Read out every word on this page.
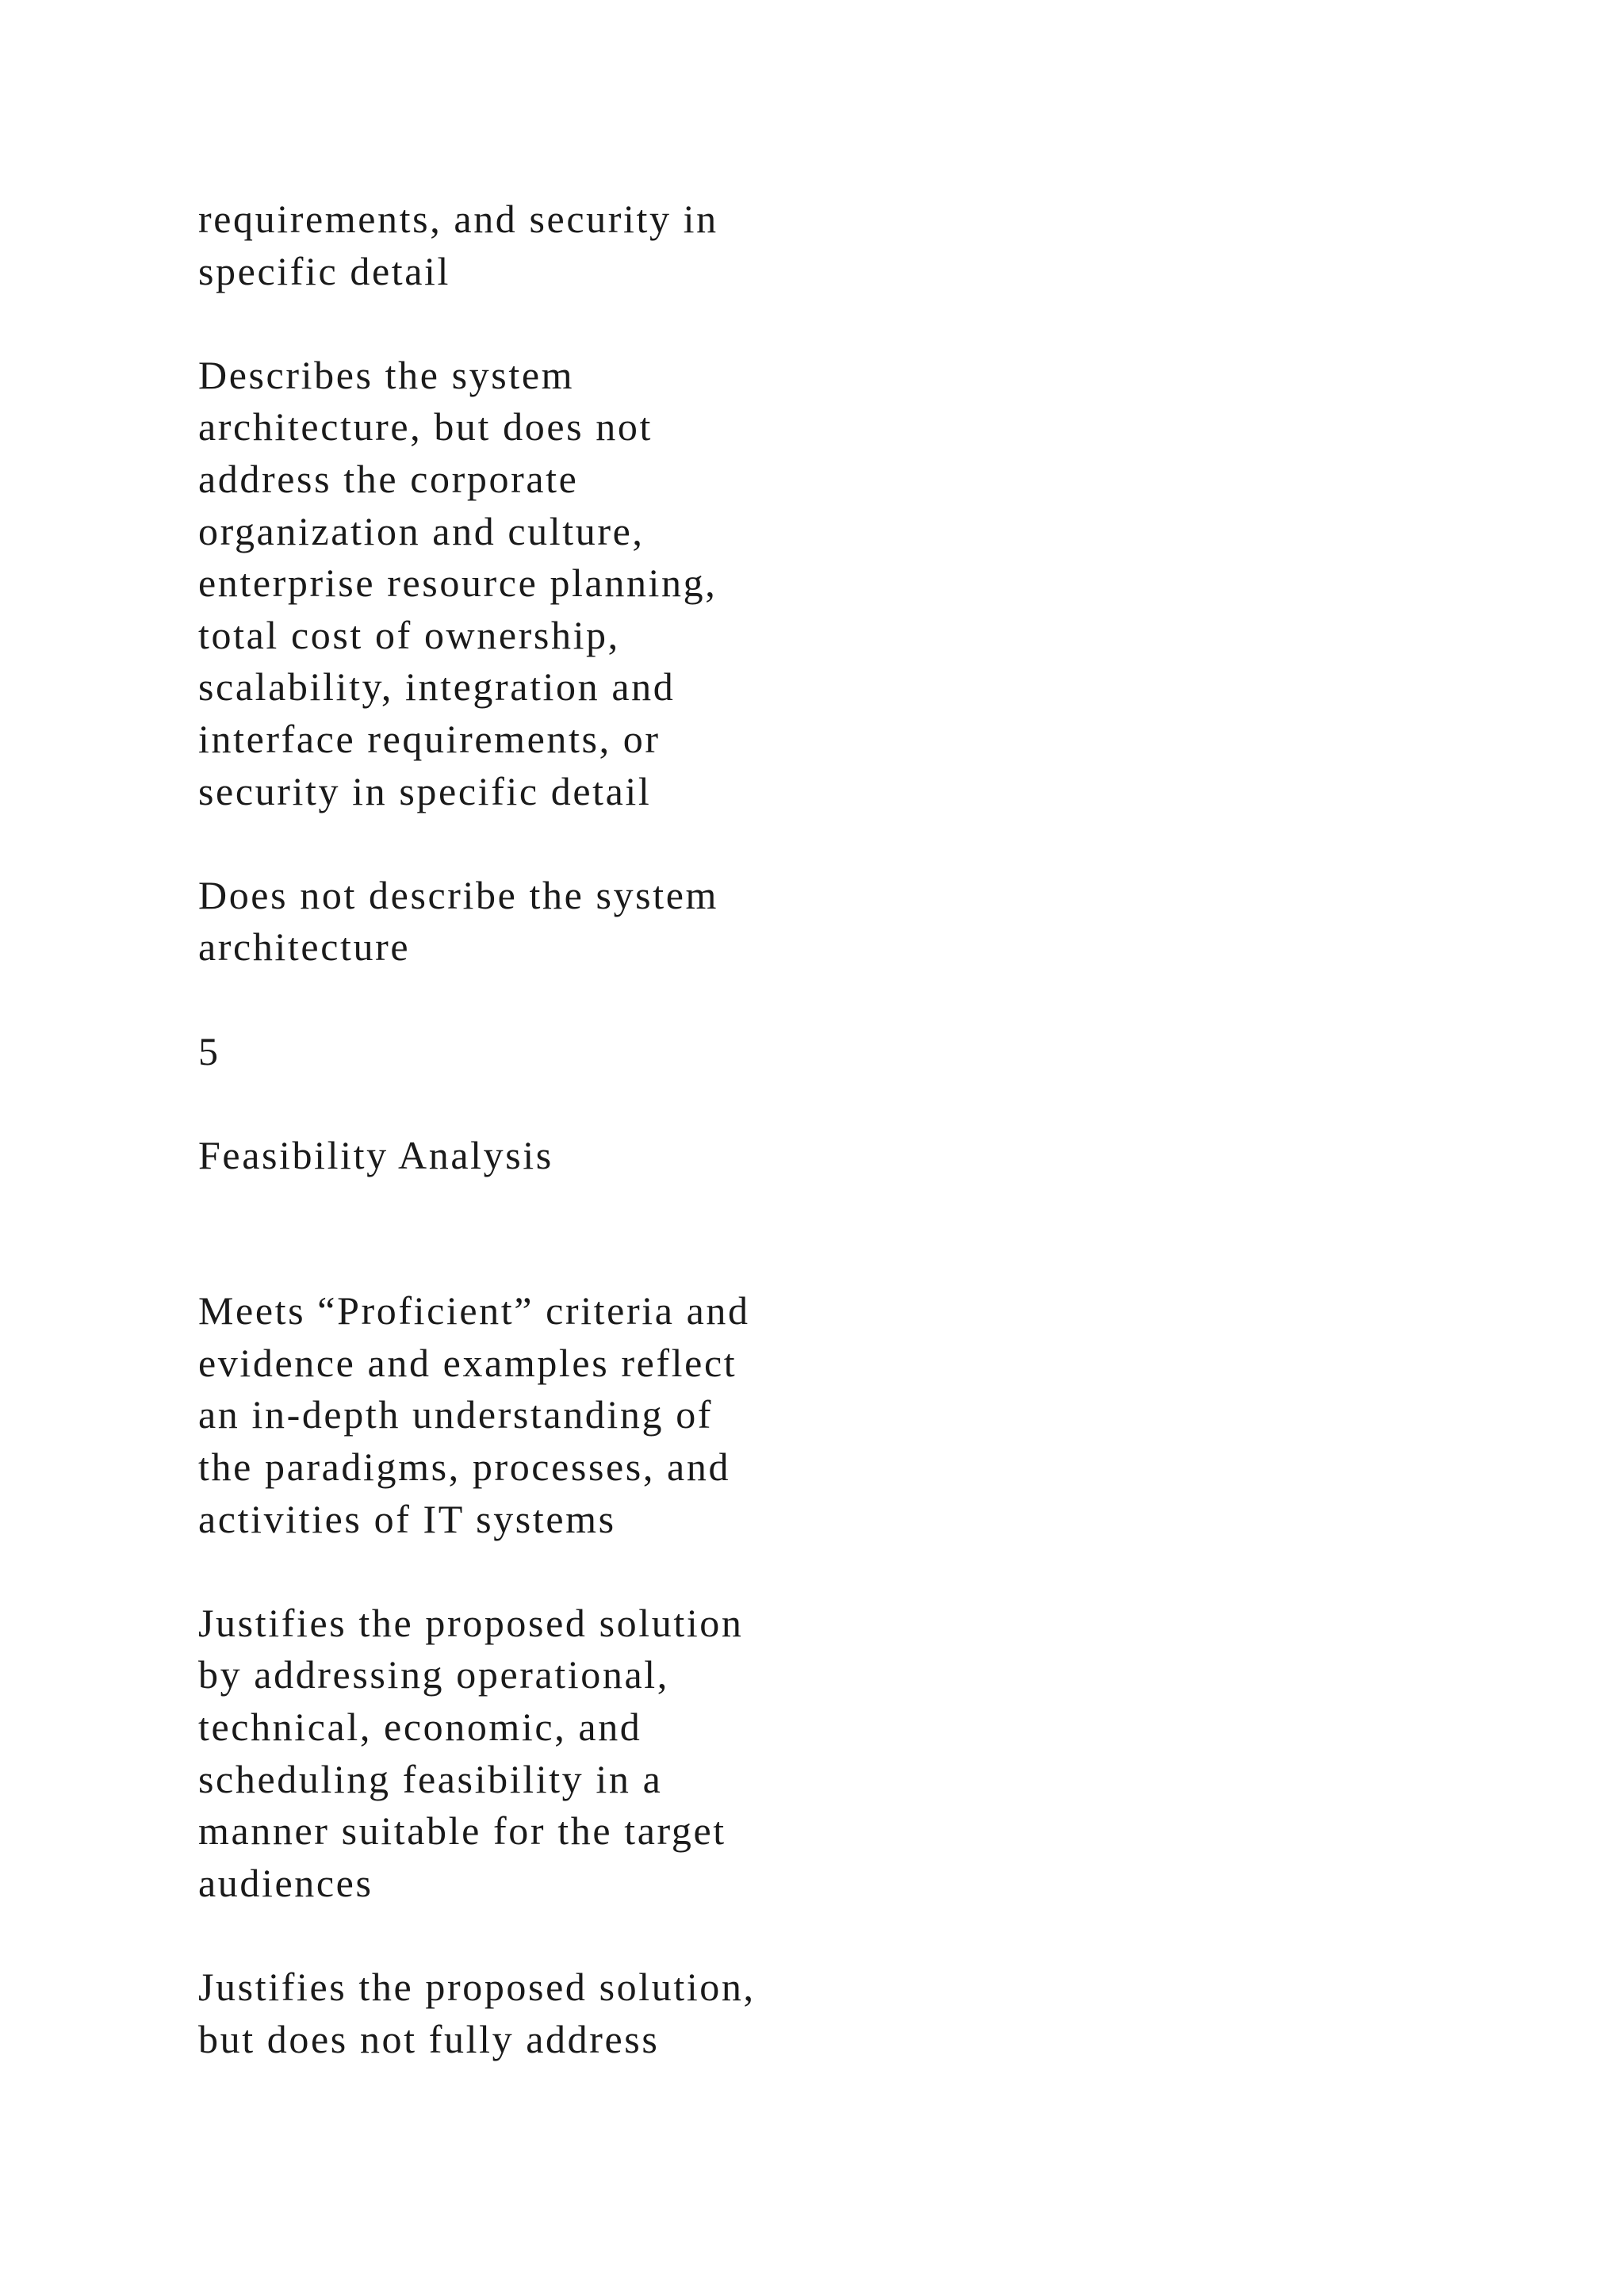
requirements, and security in
specific detail

Describes the system
architecture, but does not
address the corporate
organization and culture,
enterprise resource planning,
total cost of ownership,
scalability, integration and
interface requirements, or
security in specific detail

Does not describe the system
architecture

5

Feasibility Analysis

Meets “Proficient” criteria and
evidence and examples reflect
an in-depth understanding of
the paradigms, processes, and
activities of IT systems

Justifies the proposed solution
by addressing operational,
technical, economic, and
scheduling feasibility in a
manner suitable for the target
audiences

Justifies the proposed solution,
but does not fully address
